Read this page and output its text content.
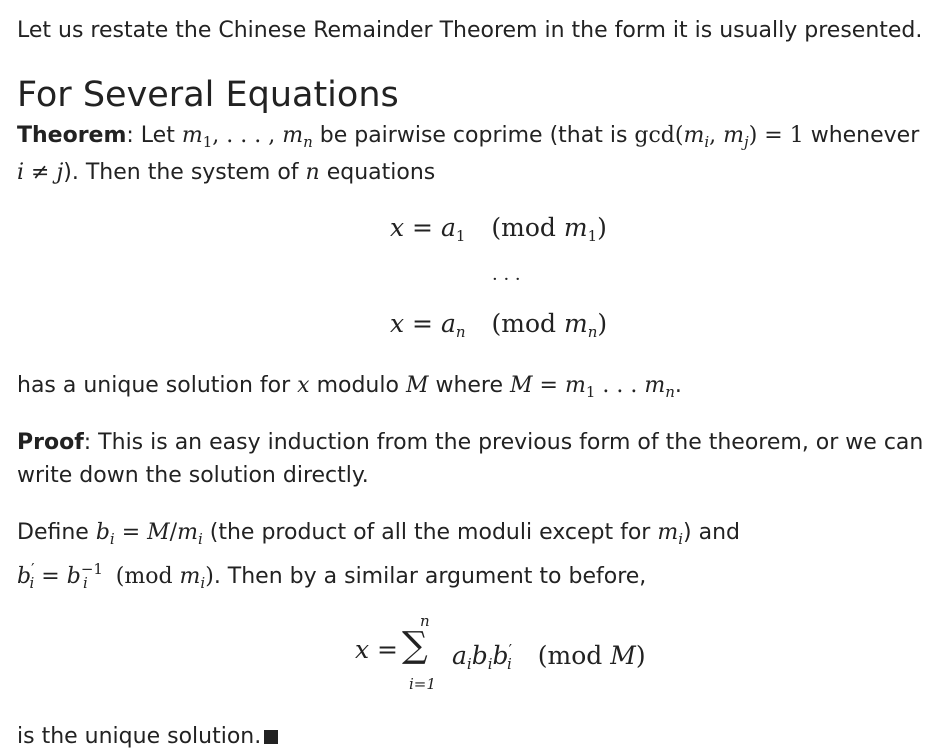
Let us restate the Chinese Remainder Theorem in the form it is usually presented.

For Several Equations

Theorem: Let $m_1$, . . . , $m_n$ be pairwise coprime (that is $\gcd(m_i$, $m_j) = 1$ whenever

i ≠ j). Then the system of n equations

$x = a_1$ (mod $m_1$)
· · ·
$x = a_n$ (mod $m_n$)

has a unique solution for x modulo M where $M = m_1$ . . . $m_n$.

Proof: This is an easy induction from the previous form of the theorem, or we can

write down the solution directly.

Define $b_i = M/m_i$ (the product of all the moduli except for $m_i$) and

$b'_i = b^{-1}_i$  (mod $m_i$). Then by a similar argument to before,

x =
n
∑
i=1
$a_ib_ib'_i$ (mod M)

is the unique solution.
